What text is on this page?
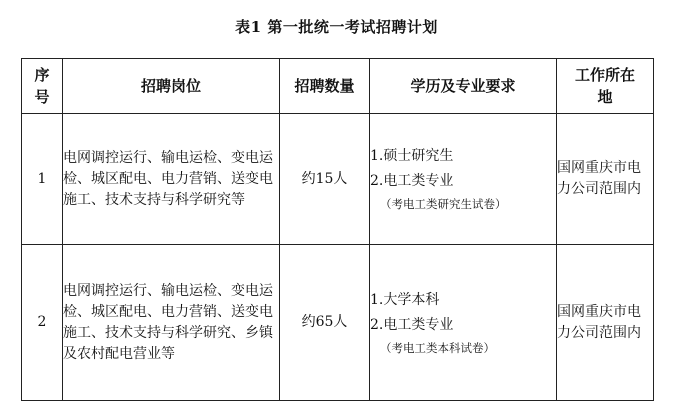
表1 第一批统一考试招聘计划
序号	招聘岗位	招聘数量	学历及专业要求	工作所在地

1	电网调控运行、输电运检、变电运检、城区配电、电力营销、送变电施工、技术支持与科学研究等	约15人	1.硕士研究生
2.电工类专业
（考电工类研究生试卷）	国网重庆市电力公司范围内
2	电网调控运行、输电运检、变电运检、城区配电、电力营销、送变电施工、技术支持与科学研究、乡镇及农村配电营业等	约65人	1.大学本科
2.电工类专业
（考电工类本科试卷）	国网重庆市电力公司范围内
